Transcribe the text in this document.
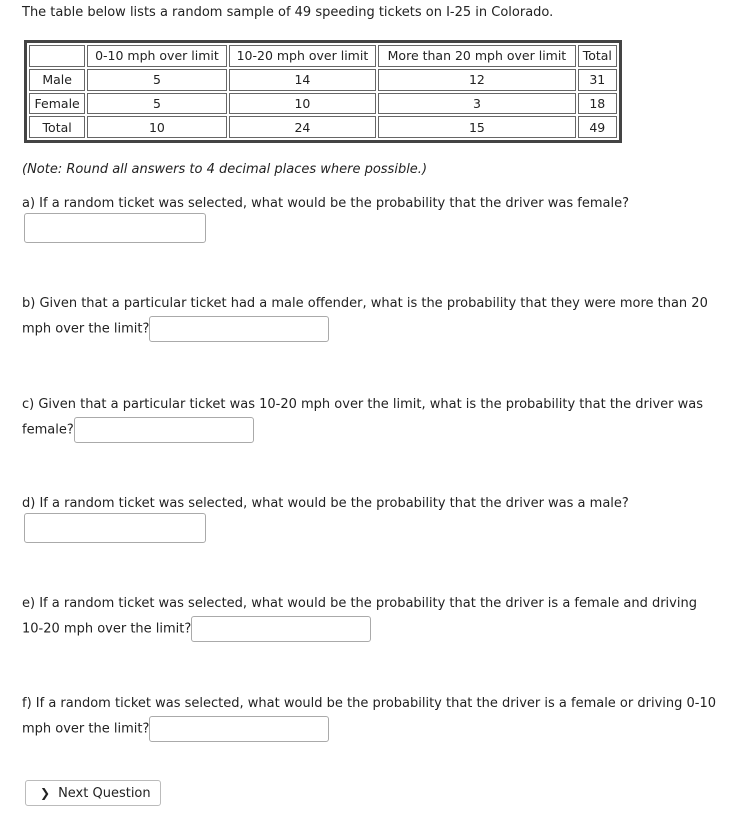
The table below lists a random sample of 49 speeding tickets on I-25 in Colorado.
	0-10 mph over limit	10-20 mph over limit	More than 20 mph over limit	Total
Male	5	14	12	31
Female	5	10	3	18
Total	10	24	15	49
(Note: Round all answers to 4 decimal places where possible.)
a) If a random ticket was selected, what would be the probability that the driver was female?
b) Given that a particular ticket had a male offender, what is the probability that they were more than 20
mph over the limit?
c) Given that a particular ticket was 10-20 mph over the limit, what is the probability that the driver was
female?
d) If a random ticket was selected, what would be the probability that the driver was a male?
e) If a random ticket was selected, what would be the probability that the driver is a female and driving
10-20 mph over the limit?
f) If a random ticket was selected, what would be the probability that the driver is a female or driving 0-10
mph over the limit?
❯ Next Question
